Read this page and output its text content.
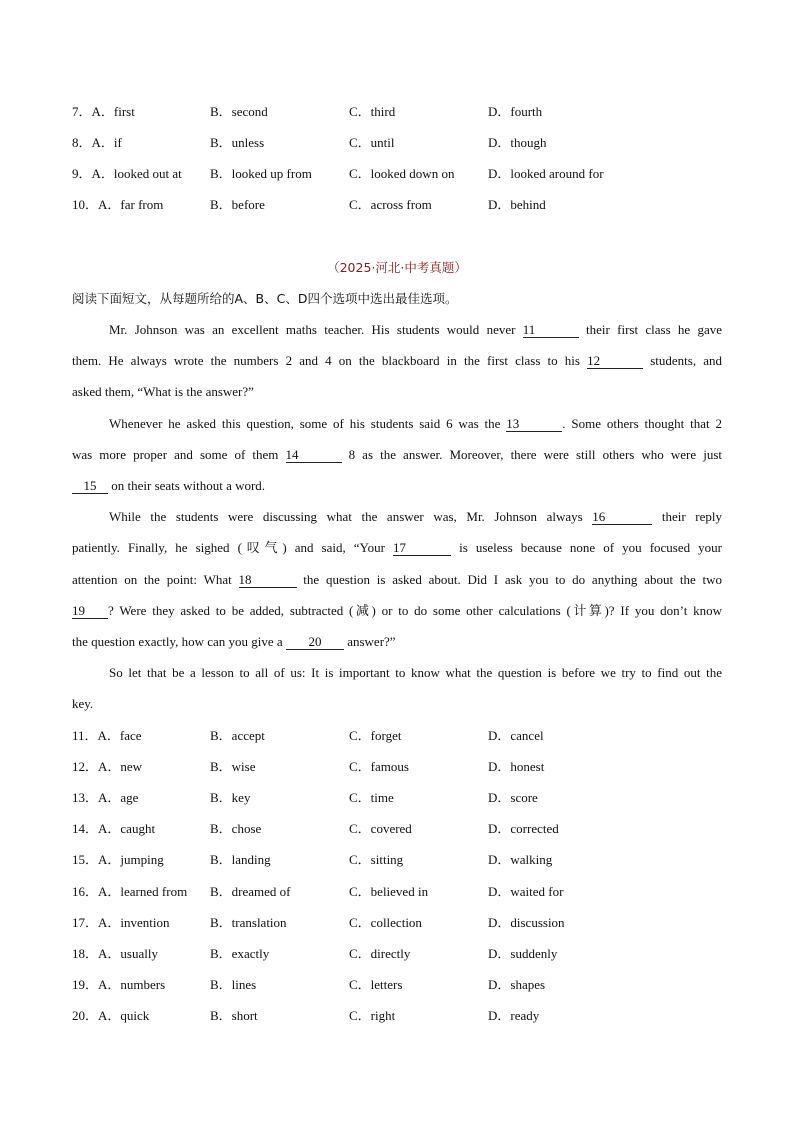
7．A．first	B．second	C．third	D．fourth
8．A．if	B．unless	C．until	D．though
9．A．looked out at B．looked up from	C．looked down on	D．looked around for
10．A．far from	B．before	C．across from	D．behind
（2025·河北·中考真题）
阅读下面短文，从每题所给的A、B、C、D四个选项中选出最佳选项。
Mr. Johnson was an excellent maths teacher. His students would never 11	their first class he gave
them. He always wrote the numbers 2 and 4 on the blackboard in the first class to his 12	students, and
asked them, “What is the answer?”
Whenever he asked this question, some of his students said 6 was the 13	. Some others thought that 2
was more proper and some of them 14	8 as the answer. Moreover, there were still others who were just
15 on their seats without a word.
While the students were discussing what the answer was, Mr. Johnson always 16	their reply
patiently. Finally, he sighed (叹气) and said, “Your 17	is useless because none of you focused your
attention on the point: What 18	the question is asked about. Did I ask you to do anything about the two
19 ? Were they asked to be added, subtracted (减) or to do some other calculations (计算)? If you don’t know
the question exactly, how can you give a 20 answer?”
So let that be a lesson to all of us: It is important to know what the question is before we try to find out the
key.
11．A．face	B．accept	C．forget	D．cancel
12．A．new	B．wise	C．famous	D．honest
13．A．age	B．key	C．time	D．score
14．A．caught	B．chose	C．covered	D．corrected
15．A．jumping	B．landing	C．sitting	D．walking
16．A．learned from B．dreamed of	C．believed in	D．waited for
17．A．invention	B．translation	C．collection	D．discussion
18．A．usually	B．exactly	C．directly	D．suddenly
19．A．numbers	B．lines	C．letters	D．shapes
20．A．quick	B．short	C．right	D．ready
